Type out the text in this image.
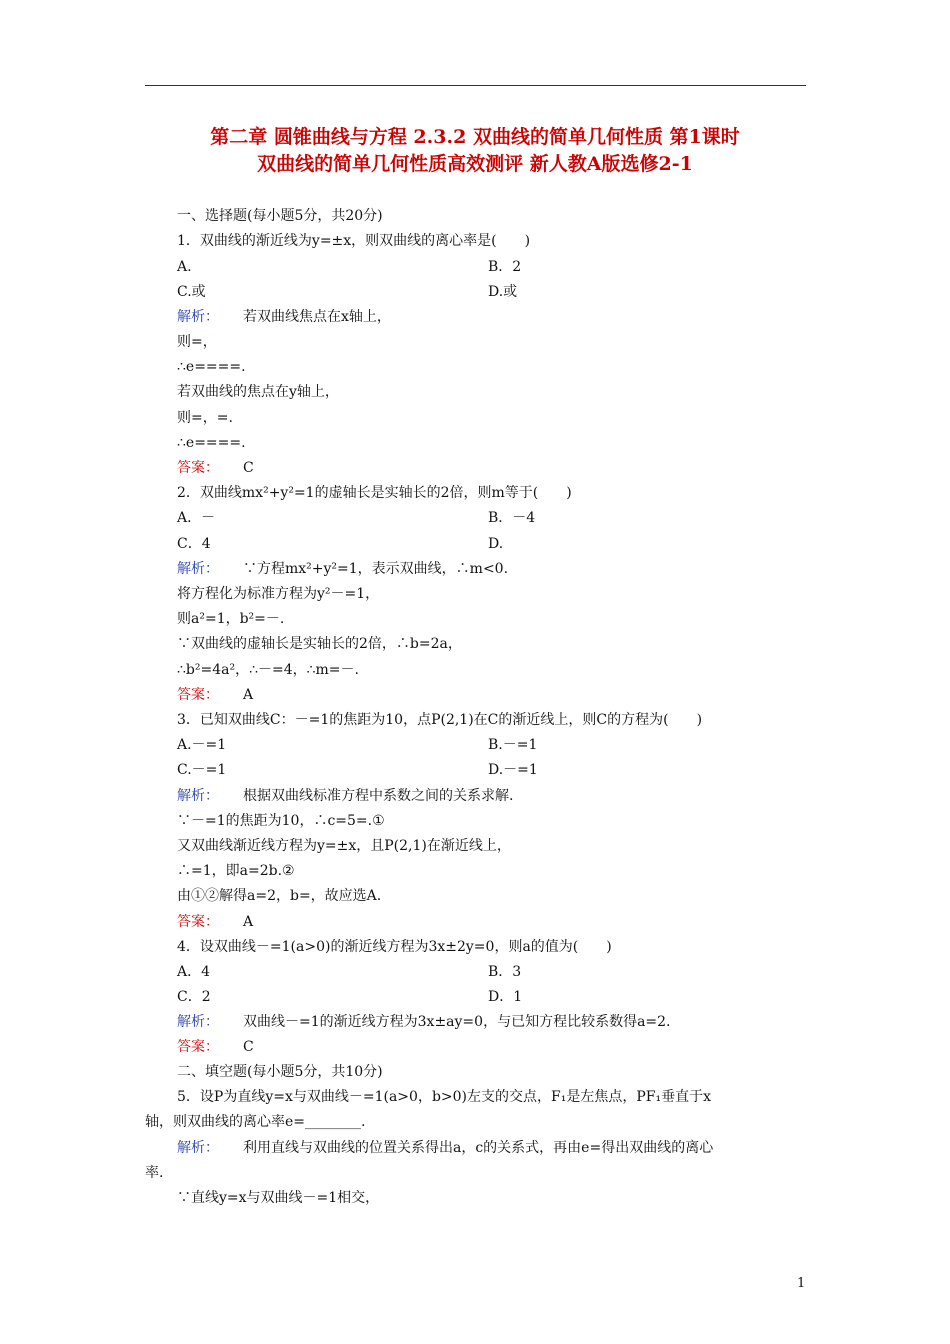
第二章 圆锥曲线与方程 2.3.2 双曲线的简单几何性质 第1课时

双曲线的简单几何性质高效测评 新人教A版选修2-1

一、选择题(每小题5分，共20分)
1．双曲线的渐近线为y=±x，则双曲线的离心率是(　　)
A.	B．2
C.或	D.或
解析： 若双曲线焦点在x轴上，
则=，
∴e====.
若双曲线的焦点在y轴上，
则=，=.
∴e====.
答案： C
2．双曲线mx²+y²=1的虚轴长是实轴长的2倍，则m等于(　　)
A．－	B．－4
C．4	D.
解析： ∵方程mx²+y²=1，表示双曲线，∴m<0.
将方程化为标准方程为y²－=1，
则a²=1，b²=－.
∵双曲线的虚轴长是实轴长的2倍，∴b=2a，
∴b²=4a²，∴－=4，∴m=－.
答案： A
3．已知双曲线C：－=1的焦距为10，点P(2,1)在C的渐近线上，则C的方程为(　　)
A.－=1	B.－=1
C.－=1	D.－=1
解析： 根据双曲线标准方程中系数之间的关系求解.
∵－=1的焦距为10，∴c=5=.①
又双曲线渐近线方程为y=±x，且P(2,1)在渐近线上，
∴=1，即a=2b.②
由①②解得a=2，b=，故应选A.
答案： A
4．设双曲线－=1(a>0)的渐近线方程为3x±2y=0，则a的值为(　　)
A．4	B．3
C．2	D．1
解析： 双曲线－=1的渐近线方程为3x±ay=0，与已知方程比较系数得a=2.
答案： C
二、填空题(每小题5分，共10分)
5．设P为直线y=x与双曲线－=1(a>0，b>0)左支的交点，F₁是左焦点，PF₁垂直于x
轴，则双曲线的离心率e=________.
解析： 利用直线与双曲线的位置关系得出a，c的关系式，再由e=得出双曲线的离心
率.
∵直线y=x与双曲线－=1相交，
1
